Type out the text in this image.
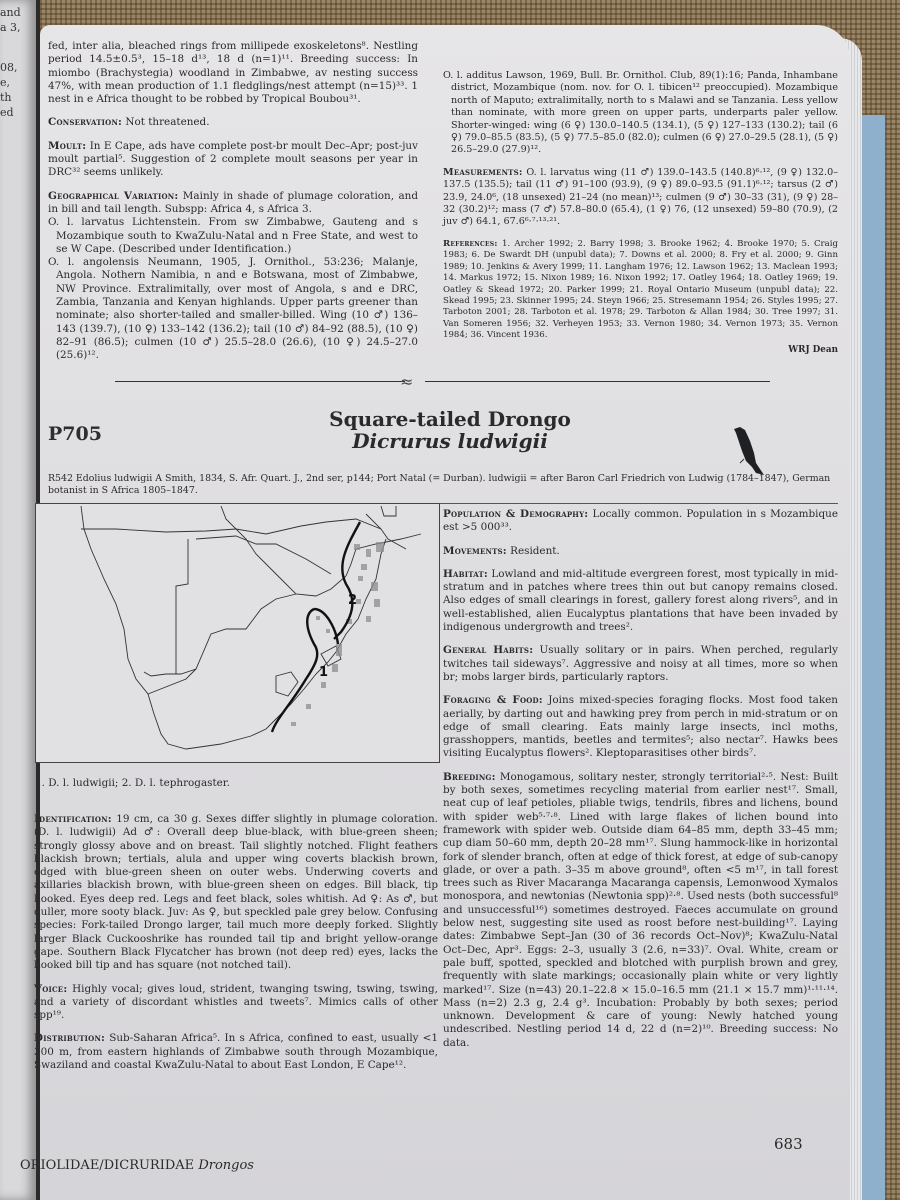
and
a 3,
08,
e,
th
ed

fed, inter alia, bleached rings from millipede exoskeletons⁸. Nestling period 14.5±0.5³, 15–18 d¹³, 18 d (n=1)¹¹. Breeding success: In miombo (Brachystegia) woodland in Zimbabwe, av nesting success 47%, with mean production of 1.1 fledglings/nest attempt (n=15)³³. 1 nest in e Africa thought to be robbed by Tropical Boubou³¹.

Conservation: Not threatened.

Moult: In E Cape, ads have complete post-br moult Dec–Apr; post-juv moult partial⁵. Suggestion of 2 complete moult seasons per year in DRC³² seems unlikely.

Geographical Variation: Mainly in shade of plumage coloration, and in bill and tail length. Subspp: Africa 4, s Africa 3.

O. l. larvatus Lichtenstein. From sw Zimbabwe, Gauteng and s Mozambique south to KwaZulu-Natal and n Free State, and west to se W Cape. (Described under Identification.)

O. l. angolensis Neumann, 1905, J. Ornithol., 53:236; Malanje, Angola. Nothern Namibia, n and e Botswana, most of Zimbabwe, NW Province. Extralimitally, over most of Angola, s and e DRC, Zambia, Tanzania and Kenyan highlands. Upper parts greener than nominate; also shorter-tailed and smaller-billed. Wing (10 ♂) 136–143 (139.7), (10 ♀) 133–142 (136.2); tail (10 ♂) 84–92 (88.5), (10 ♀) 82–91 (86.5); culmen (10 ♂) 25.5–28.0 (26.6), (10 ♀) 24.5–27.0 (25.6)¹².

O. l. additus Lawson, 1969, Bull. Br. Ornithol. Club, 89(1):16; Panda, Inhambane district, Mozambique (nom. nov. for O. l. tibicen¹² preoccupied). Mozambique north of Maputo; extralimitally, north to s Malawi and se Tanzania. Less yellow than nominate, with more green on upper parts, underparts paler yellow. Shorter-winged: wing (6 ♀) 130.0–140.5 (134.1), (5 ♀) 127–133 (130.2); tail (6 ♀) 79.0–85.5 (83.5), (5 ♀) 77.5–85.0 (82.0); culmen (6 ♀) 27.0–29.5 (28.1), (5 ♀) 26.5–29.0 (27.9)¹².

Measurements: O. l. larvatus wing (11 ♂) 139.0–143.5 (140.8)⁶·¹², (9 ♀) 132.0–137.5 (135.5); tail (11 ♂) 91–100 (93.9), (9 ♀) 89.0–93.5 (91.1)⁶·¹²; tarsus (2 ♂) 23.9, 24.0⁶, (18 unsexed) 21–24 (no mean)¹³; culmen (9 ♂) 30–33 (31), (9 ♀) 28–32 (30.2)¹²; mass (7 ♂) 57.8–80.0 (65.4), (1 ♀) 76, (12 unsexed) 59–80 (70.9), (2 juv ♂) 64.1, 67.6⁶·⁷·¹³·²¹.

References: 1. Archer 1992; 2. Barry 1998; 3. Brooke 1962; 4. Brooke 1970; 5. Craig 1983; 6. De Swardt DH (unpubl data); 7. Downs et al. 2000; 8. Fry et al. 2000; 9. Ginn 1989; 10. Jenkins & Avery 1999; 11. Langham 1976; 12. Lawson 1962; 13. Maclean 1993; 14. Markus 1972; 15. Nixon 1989; 16. Nixon 1992; 17. Oatley 1964; 18. Oatley 1969; 19. Oatley & Skead 1972; 20. Parker 1999; 21. Royal Ontario Museum (unpubl data); 22. Skead 1995; 23. Skinner 1995; 24. Steyn 1966; 25. Stresemann 1954; 26. Styles 1995; 27. Tarboton 2001; 28. Tarboton et al. 1978; 29. Tarboton & Allan 1984; 30. Tree 1997; 31. Van Someren 1956; 32. Verheyen 1953; 33. Vernon 1980; 34. Vernon 1973; 35. Vernon 1984; 36. Vincent 1936.

WRJ Dean
≈
P705
Square-tailed Drongo
Dicrurus ludwigii
R542 Edolius ludwigii A Smith, 1834, S. Afr. Quart. J., 2nd ser, p144; Port Natal (= Durban). ludwigii = after Baron Carl Friedrich von Ludwig (1784–1847), German botanist in S Africa 1805–1847.
2
1
1. D. l. ludwigii; 2. D. l. tephrogaster.

Identification: 19 cm, ca 30 g. Sexes differ slightly in plumage coloration. (D. l. ludwigii) Ad ♂: Overall deep blue-black, with blue-green sheen; strongly glossy above and on breast. Tail slightly notched. Flight feathers blackish brown; tertials, alula and upper wing coverts blackish brown, edged with blue-green sheen on outer webs. Underwing coverts and axillaries blackish brown, with blue-green sheen on edges. Bill black, tip hooked. Eyes deep red. Legs and feet black, soles whitish. Ad ♀: As ♂, but duller, more sooty black. Juv: As ♀, but speckled pale grey below. Confusing species: Fork-tailed Drongo larger, tail much more deeply forked. Slightly larger Black Cuckooshrike has rounded tail tip and bright yellow-orange gape. Southern Black Flycatcher has brown (not deep red) eyes, lacks the hooked bill tip and has square (not notched tail).

Voice: Highly vocal; gives loud, strident, twanging tswing, tswing, tswing, and a variety of discordant whistles and tweets⁷. Mimics calls of other spp¹⁹.

Distribution: Sub-Saharan Africa⁵. In s Africa, confined to east, usually <1 300 m, from eastern highlands of Zimbabwe south through Mozambique, Swaziland and coastal KwaZulu-Natal to about East London, E Cape¹².

Population & Demography: Locally common. Population in s Mozambique est >5 000³³.

Movements: Resident.

Habitat: Lowland and mid-altitude evergreen forest, most typically in mid-stratum and in patches where trees thin out but canopy remains closed. Also edges of small clearings in forest, gallery forest along rivers⁵, and in well-established, alien Eucalyptus plantations that have been invaded by indigenous undergrowth and trees².

General Habits: Usually solitary or in pairs. When perched, regularly twitches tail sideways⁷. Aggressive and noisy at all times, more so when br; mobs larger birds, particularly raptors.

Foraging & Food: Joins mixed-species foraging flocks. Most food taken aerially, by darting out and hawking prey from perch in mid-stratum or on edge of small clearing. Eats mainly large insects, incl moths, grasshoppers, mantids, beetles and termites⁵; also nectar⁷. Hawks bees visiting Eucalyptus flowers². Kleptoparasitises other birds⁷.

Breeding: Monogamous, solitary nester, strongly territorial²·⁵. Nest: Built by both sexes, sometimes recycling material from earlier nest¹⁷. Small, neat cup of leaf petioles, pliable twigs, tendrils, fibres and lichens, bound with spider web⁵·⁷·⁸. Lined with large flakes of lichen bound into framework with spider web. Outside diam 64–85 mm, depth 33–45 mm; cup diam 50–60 mm, depth 20–28 mm¹⁷. Slung hammock-like in horizontal fork of slender branch, often at edge of thick forest, at edge of sub-canopy glade, or over a path. 3–35 m above ground⁸, often <5 m¹⁷, in tall forest trees such as River Macaranga Macaranga capensis, Lemonwood Xymalos monospora, and newtonias (Newtonia spp)²·⁸. Used nests (both successful⁸ and unsuccessful¹⁶) sometimes destroyed. Faeces accumulate on ground below nest, suggesting site used as roost before nest-building¹⁷. Laying dates: Zimbabwe Sept–Jan (30 of 36 records Oct–Nov)⁸; KwaZulu-Natal Oct–Dec, Apr³. Eggs: 2–3, usually 3 (2.6, n=33)⁷. Oval. White, cream or pale buff, spotted, speckled and blotched with purplish brown and grey, frequently with slate markings; occasionally plain white or very lightly marked¹⁷. Size (n=43) 20.1–22.8 × 15.0–16.5 mm (21.1 × 15.7 mm)¹·¹¹·¹⁴. Mass (n=2) 2.3 g, 2.4 g³. Incubation: Probably by both sexes; period unknown. Development & care of young: Newly hatched young undescribed. Nestling period 14 d, 22 d (n=2)¹⁰. Breeding success: No data.

ORIOLIDAE/DICRURIDAE Drongos
683
